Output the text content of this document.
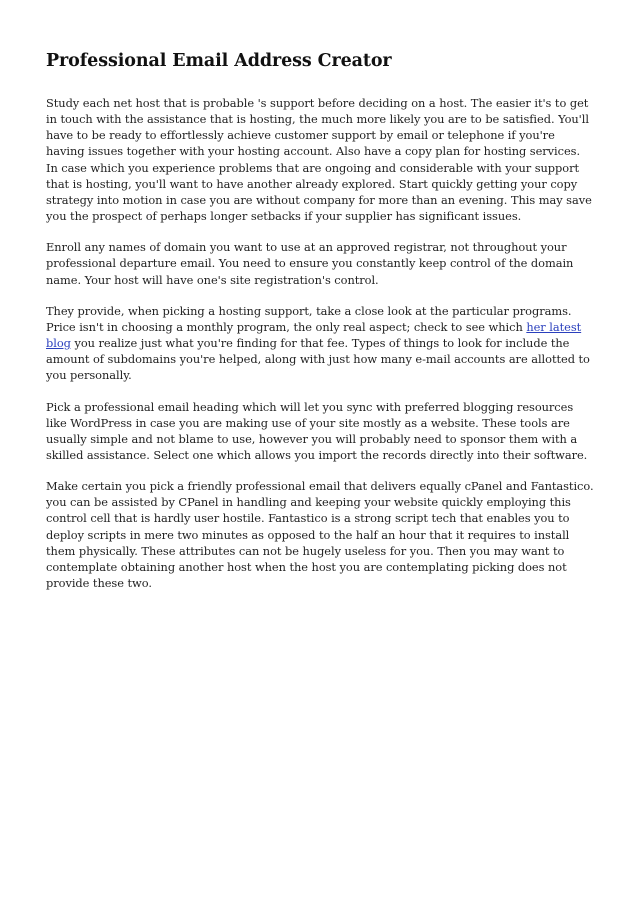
Professional Email Address Creator

Study each net host that is probable 's support before deciding on a host. The easier it's to get in touch with the assistance that is hosting, the much more likely you are to be satisfied. You'll have to be ready to effortlessly achieve customer support by email or telephone if you're having issues together with your hosting account. Also have a copy plan for hosting services. In case which you experience problems that are ongoing and considerable with your support that is hosting, you'll want to have another already explored. Start quickly getting your copy strategy into motion in case you are without company for more than an evening. This may save you the prospect of perhaps longer setbacks if your supplier has significant issues.

Enroll any names of domain you want to use at an approved registrar, not throughout your professional departure email. You need to ensure you constantly keep control of the domain name. Your host will have one's site registration's control.

They provide, when picking a hosting support, take a close look at the particular programs. Price isn't in choosing a monthly program, the only real aspect; check to see which her latest blog you realize just what you're finding for that fee. Types of things to look for include the amount of subdomains you're helped, along with just how many e-mail accounts are allotted to you personally.

Pick a professional email heading which will let you sync with preferred blogging resources like WordPress in case you are making use of your site mostly as a website. These tools are usually simple and not blame to use, however you will probably need to sponsor them with a skilled assistance. Select one which allows you import the records directly into their software.

Make certain you pick a friendly professional email that delivers equally cPanel and Fantastico. you can be assisted by CPanel in handling and keeping your website quickly employing this control cell that is hardly user hostile. Fantastico is a strong script tech that enables you to deploy scripts in mere two minutes as opposed to the half an hour that it requires to install them physically. These attributes can not be hugely useless for you. Then you may want to contemplate obtaining another host when the host you are contemplating picking does not provide these two.
